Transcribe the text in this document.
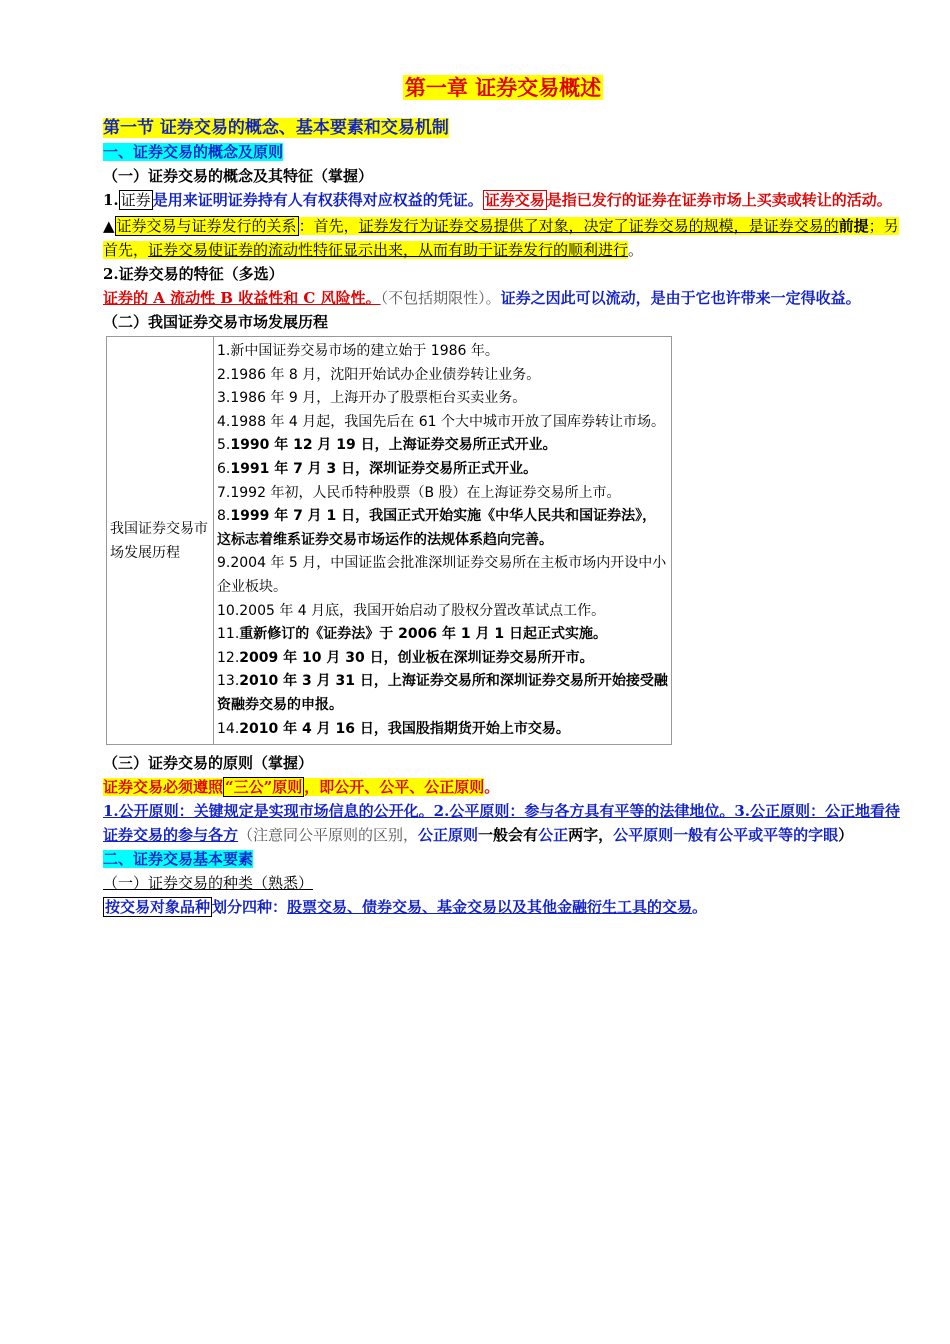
第一章 证券交易概述

第一节 证券交易的概念、基本要素和交易机制

一、证券交易的概念及原则

（一）证券交易的概念及其特征（掌握）

1. 证券 是用来证明证券持有人有权获得对应权益的凭证。 证券交易 是指已发行的证券在证券市场上买卖或转让的活动。

▲ 证券交易与证券发行的关系 ：首先，证券发行为证券交易提供了对象，决定了证券交易的规模，是证券交易的前提；另首先，证券交易使证券的流动性特征显示出来，从而有助于证券发行的顺利进行。

2.证券交易的特征（多选）

证券的 A 流动性 B 收益性和 C 风险性。（不包括期限性）。证券之因此可以流动，是由于它也许带来一定得收益。

（二）我国证券交易市场发展历程

我国证券交易市场发展历程	
1.新中国证券交易市场的建立始于 1986 年。
2.1986 年 8 月，沈阳开始试办企业债券转让业务。
3.1986 年 9 月，上海开办了股票柜台买卖业务。
4.1988 年 4 月起，我国先后在 61 个大中城市开放了国库券转让市场。
5.1990 年 12 月 19 日，上海证券交易所正式开业。
6.1991 年 7 月 3 日，深圳证券交易所正式开业。
7.1992 年初，人民币特种股票（B 股）在上海证券交易所上市。
8.1999 年 7 月 1 日，我国正式开始实施《中华人民共和国证券法》，这标志着维系证券交易市场运作的法规体系趋向完善。
9.2004 年 5 月，中国证监会批准深圳证券交易所在主板市场内开设中小企业板块。
10.2005 年 4 月底，我国开始启动了股权分置改革试点工作。
11.重新修订的《证券法》于 2006 年 1 月 1 日起正式实施。
12.2009 年 10 月 30 日，创业板在深圳证券交易所开市。
13.2010 年 3 月 31 日，上海证券交易所和深圳证券交易所开始接受融资融券交易的申报。
14.2010 年 4 月 16 日，我国股指期货开始上市交易。

（三）证券交易的原则（掌握）

证券交易必须遵照 “三公”原则 ，即公开、公平、公正原则。

1.公开原则：关键规定是实现市场信息的公开化。2.公平原则：参与各方具有平等的法律地位。3.公正原则：公正地看待证券交易的参与各方（注意同公平原则的区别，公正原则一般会有公正两字，公平原则一般有公平或平等的字眼）

二、证券交易基本要素

（一）证券交易的种类（熟悉）

按交易对象品种 划分四种：股票交易、债券交易、基金交易以及其他金融衍生工具的交易。
